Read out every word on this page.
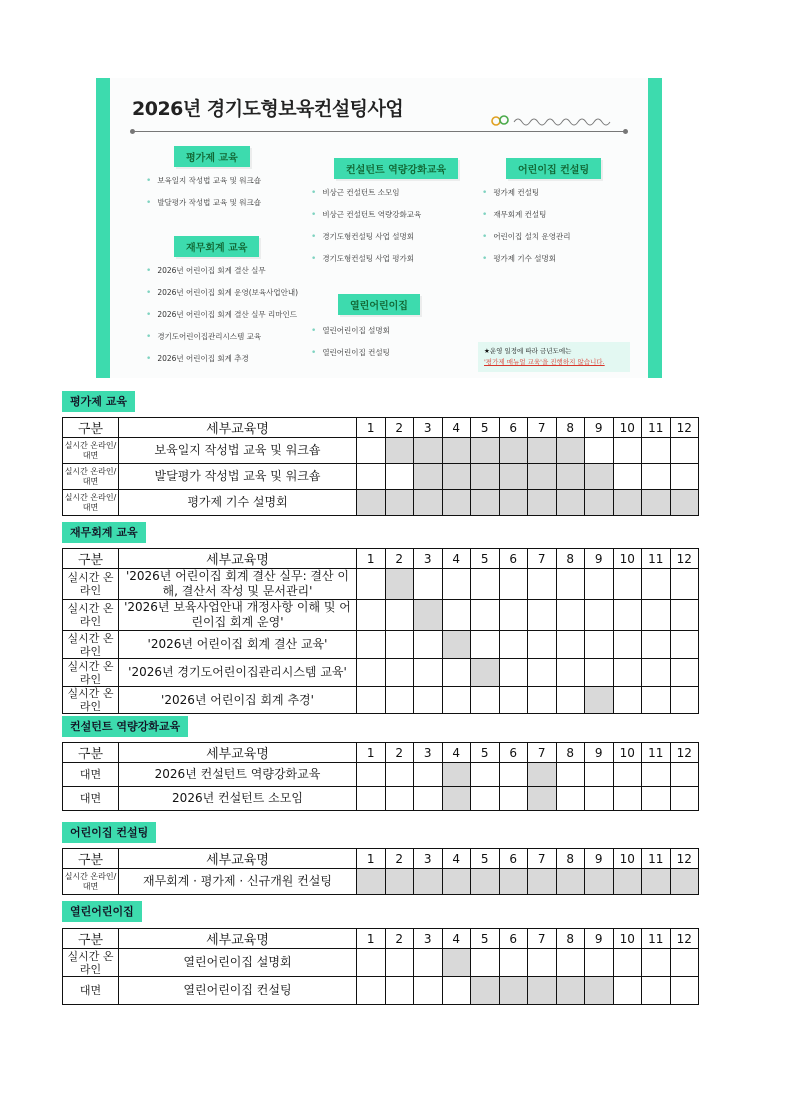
2026년 경기도형보육컨설팅사업
평가제 교육
• 보육일지 작성법 교육 및 워크숍
• 발달평가 작성법 교육 및 워크숍
재무회계 교육
• 2026년 어린이집 회계 결산 실무
• 2026년 어린이집 회계 운영(보육사업안내)
• 2026년 어린이집 회계 결산 실무 리마인드
• 경기도어린이집관리시스템 교육
• 2026년 어린이집 회계 추경
컨설턴트 역량강화교육
• 비상근 컨설턴트 소모임
• 비상근 컨설턴트 역량강화교육
• 경기도형컨설팅 사업 설명회
• 경기도형컨설팅 사업 평가회
열린어린이집
• 열린어린이집 설명회
• 열린어린이집 컨설팅
어린이집 컨설팅
• 평가제 컨설팅
• 재무회계 컨설팅
• 어린이집 설치 운영관리
• 평가제 기수 설명회
★운영 일정에 따라 금년도에는
'평가제 매뉴얼 교육'을 진행하지 않습니다.
평가제 교육
구분	세부교육명	1	2	3	4	5	6	7	8	9	10	11	12
실시간 온라인/대면	보육일지 작성법 교육 및 워크숍												
실시간 온라인/대면	발달평가 작성법 교육 및 워크숍												
실시간 온라인/대면	평가제 기수 설명회												
재무회계 교육
구분	세부교육명	1	2	3	4	5	6	7	8	9	10	11	12
실시간 온라인	'2026년 어린이집 회계 결산 실무: 결산 이해, 결산서 작성 및 문서관리'												
실시간 온라인	'2026년 보육사업안내 개정사항 이해 및 어린이집 회계 운영'												
실시간 온라인	'2026년 어린이집 회계 결산 교육'												
실시간 온라인	'2026년 경기도어린이집관리시스템 교육'												
실시간 온라인	'2026년 어린이집 회계 추경'												
컨설턴트 역량강화교육
구분	세부교육명	1	2	3	4	5	6	7	8	9	10	11	12
대면	2026년 컨설턴트 역량강화교육												
대면	2026년 컨설턴트 소모임												
어린이집 컨설팅
구분	세부교육명	1	2	3	4	5	6	7	8	9	10	11	12
실시간 온라인/대면	재무회계 · 평가제 · 신규개원 컨설팅												
열린어린이집
구분	세부교육명	1	2	3	4	5	6	7	8	9	10	11	12
실시간 온라인	열린어린이집 설명회												
대면	열린어린이집 컨설팅												
